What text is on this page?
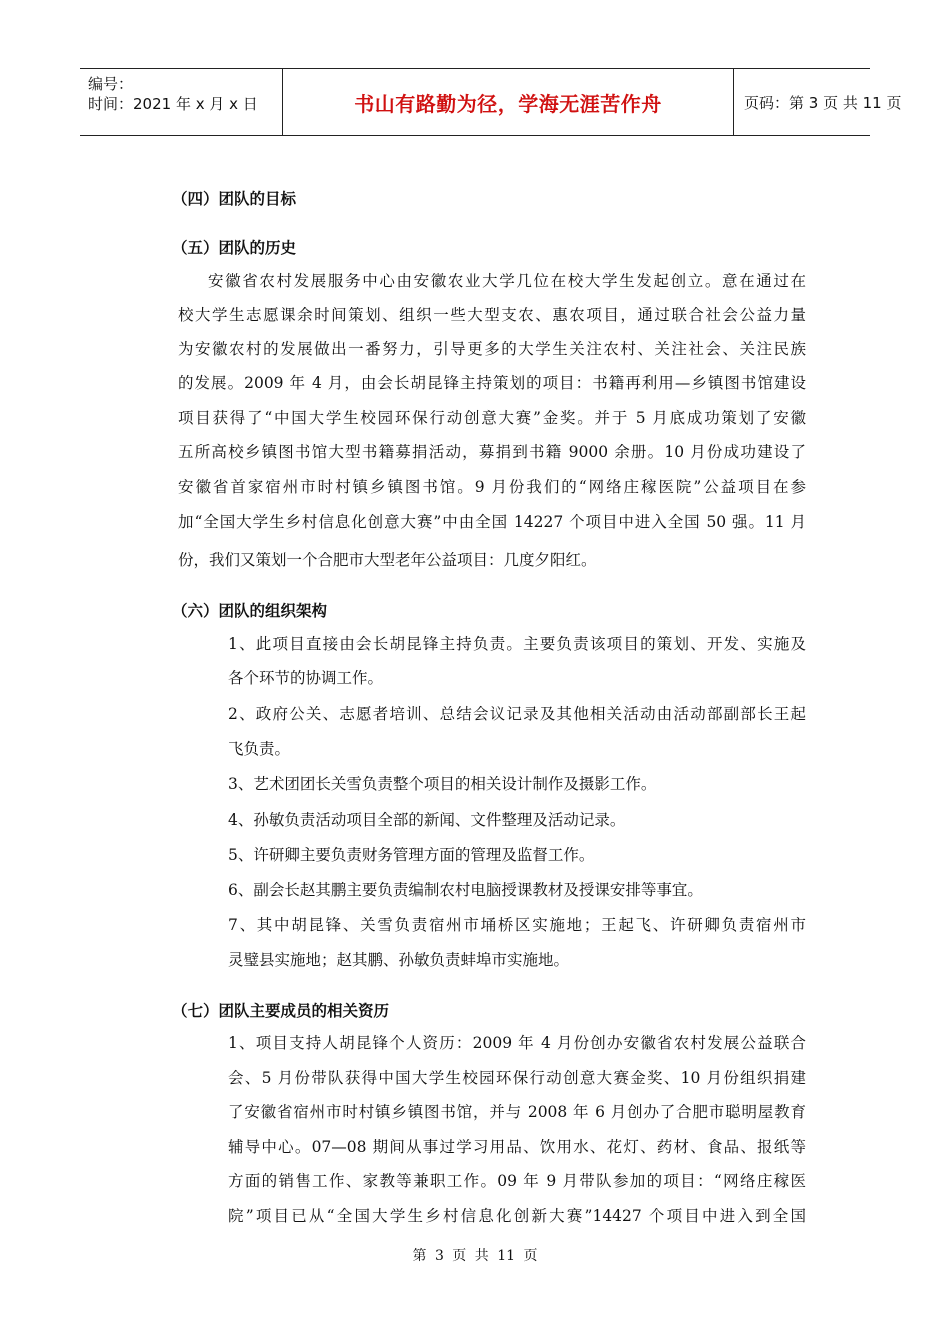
编号：
时间：2021 年 x 月 x 日	书山有路勤为径，学海无涯苦作舟	页码：第 3 页 共 11 页
（四）团队的目标
（五）团队的历史
安徽省农村发展服务中心由安徽农业大学几位在校大学生发起创立。意在通过在
校大学生志愿课余时间策划、组织一些大型支农、惠农项目，通过联合社会公益力量
为安徽农村的发展做出一番努力，引导更多的大学生关注农村、关注社会、关注民族
的发展。2009 年 4 月，由会长胡昆锋主持策划的项目：书籍再利用—乡镇图书馆建设
项目获得了“中国大学生校园环保行动创意大赛”金奖。并于 5 月底成功策划了安徽
五所高校乡镇图书馆大型书籍募捐活动，募捐到书籍 9000 余册。10 月份成功建设了
安徽省首家宿州市时村镇乡镇图书馆。9 月份我们的“网络庄稼医院”公益项目在参
加“全国大学生乡村信息化创意大赛”中由全国 14227 个项目中进入全国 50 强。11 月
份，我们又策划一个合肥市大型老年公益项目：几度夕阳红。
（六）团队的组织架构
1、此项目直接由会长胡昆锋主持负责。主要负责该项目的策划、开发、实施及
各个环节的协调工作。
2、政府公关、志愿者培训、总结会议记录及其他相关活动由活动部副部长王起
飞负责。
3、艺术团团长关雪负责整个项目的相关设计制作及摄影工作。
4、孙敏负责活动项目全部的新闻、文件整理及活动记录。
5、许研卿主要负责财务管理方面的管理及监督工作。
6、副会长赵其鹏主要负责编制农村电脑授课教材及授课安排等事宜。
7、其中胡昆锋、关雪负责宿州市埇桥区实施地；王起飞、许研卿负责宿州市
灵璧县实施地；赵其鹏、孙敏负责蚌埠市实施地。
（七）团队主要成员的相关资历
1、项目支持人胡昆锋个人资历：2009 年 4 月份创办安徽省农村发展公益联合
会、5 月份带队获得中国大学生校园环保行动创意大赛金奖、10 月份组织捐建
了安徽省宿州市时村镇乡镇图书馆，并与 2008 年 6 月创办了合肥市聪明屋教育
辅导中心。07—08 期间从事过学习用品、饮用水、花灯、药材、食品、报纸等
方面的销售工作、家教等兼职工作。09 年 9 月带队参加的项目：“网络庄稼医
院”项目已从“全国大学生乡村信息化创新大赛”14427 个项目中进入到全国
第 3 页 共 11 页
